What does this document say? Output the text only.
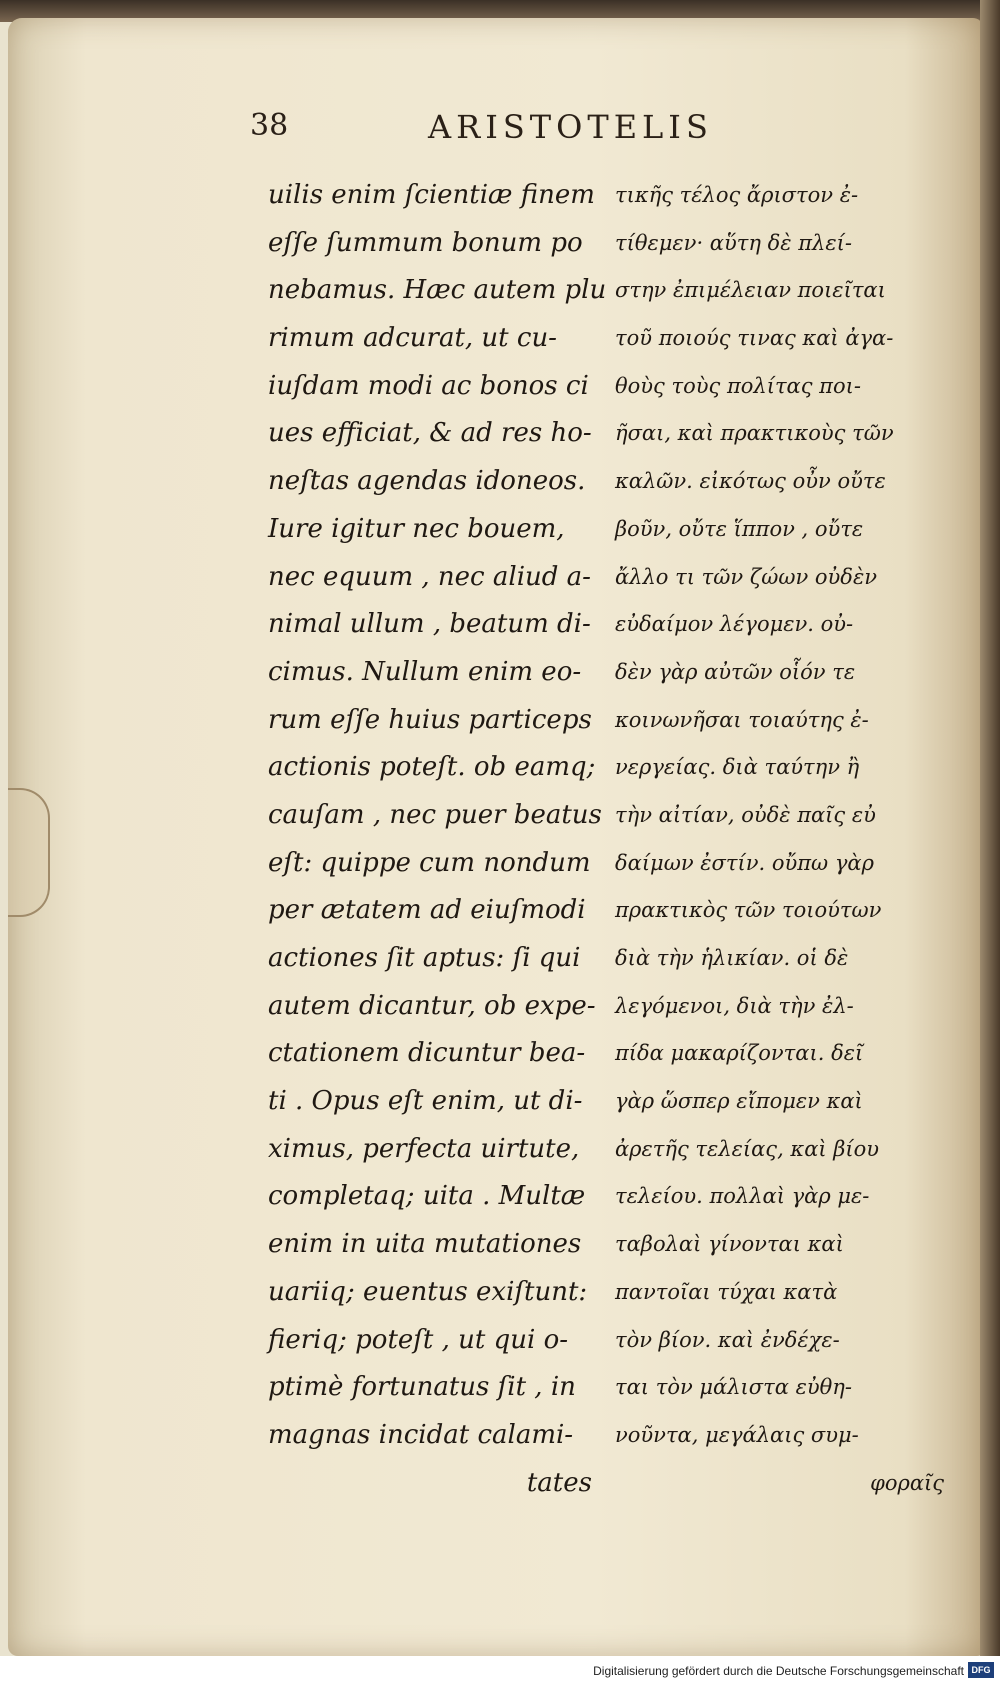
38	ARISTOTELIS
uilis enim ſcientiæ finem
eſſe ſummum bonum po
nebamus. Hæc autem plu
rimum adcurat, ut cu-
iuſdam modi ac bonos ci
ues efficiat, & ad res ho-
neſtas agendas idoneos.
Iure igitur nec bouem,
nec equum , nec aliud a-
nimal ullum , beatum di-
cimus. Nullum enim eo-
rum eſſe huius particeps
actionis poteſt. ob eamq;
cauſam , nec puer beatus
eſt: quippe cum nondum
per ætatem ad eiuſmodi
actiones ſit aptus: ſi qui
autem dicantur, ob expe-
ctationem dicuntur bea-
ti . Opus eſt enim, ut di-
ximus, perfecta uirtute,
completaq; uita . Multæ
enim in uita mutationes
uariiq; euentus exiſtunt:
fieriq; poteſt , ut qui o-
ptimè fortunatus ſit , in
magnas incidat calami-
tates
τικῆς τέλος ἄριστον ἐ-
τίθεμεν· αὕτη δὲ πλεί-
στην ἐπιμέλειαν ποιεῖται
τοῦ ποιούς τινας καὶ ἀγα-
θοὺς τοὺς πολίτας ποι-
ῆσαι, καὶ πρακτικοὺς τῶν
καλῶν. εἰκότως οὖν οὔτε
βοῦν, οὔτε ἵππον , οὔτε
ἄλλο τι τῶν ζώων οὐδὲν
εὐδαίμον λέγομεν. οὐ-
δὲν γὰρ αὐτῶν οἷόν τε
κοινωνῆσαι τοιαύτης ἐ-
νεργείας. διὰ ταύτην ἢ
τὴν αἰτίαν, οὐδὲ παῖς εὐ
δαίμων ἐστίν. οὔπω γὰρ
πρακτικὸς τῶν τοιούτων
διὰ τὴν ἡλικίαν. οἱ δὲ
λεγόμενοι, διὰ τὴν ἐλ-
πίδα μακαρίζονται. δεῖ
γὰρ ὥσπερ εἴπομεν καὶ
ἀρετῆς τελείας, καὶ βίου
τελείου. πολλαὶ γὰρ με-
ταβολαὶ γίνονται καὶ
παντοῖαι τύχαι κατὰ
τὸν βίον. καὶ ἐνδέχε-
ται τὸν μάλιστα εὐθη-
νοῦντα, μεγάλαις συμ-
φοραῖς
Digitalisierung gefördert durch die Deutsche Forschungsgemeinschaft DFG
